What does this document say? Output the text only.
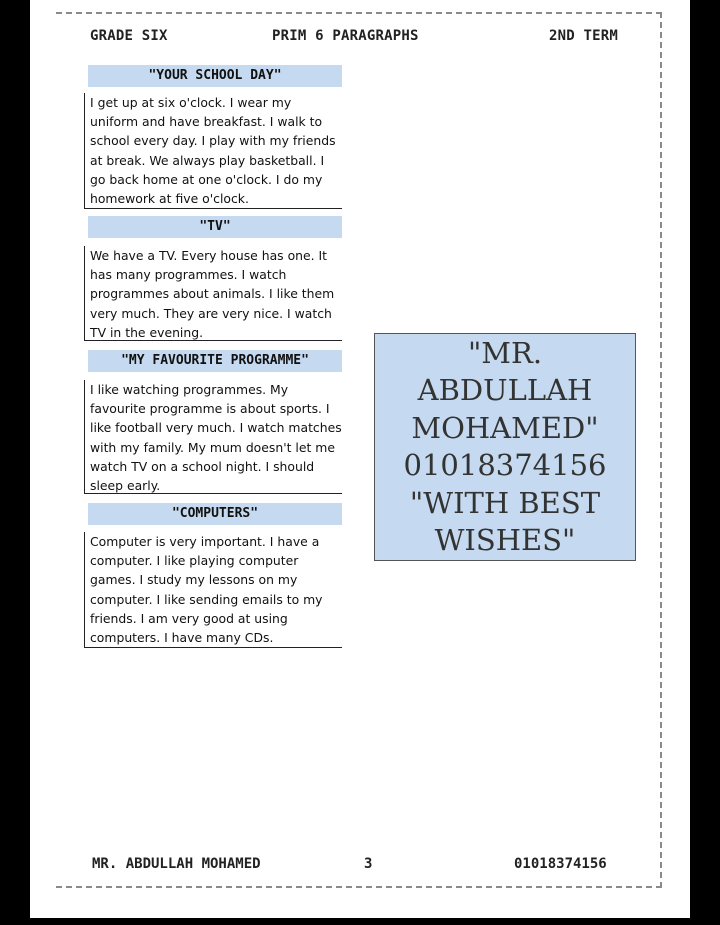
GRADE SIX	PRIM 6 PARAGRAPHS	2ND TERM
"YOUR SCHOOL DAY"
I get up at six o'clock. I wear my uniform and have breakfast. I walk to school every day. I play with my friends at break. We always play basketball. I go back home at one o'clock. I do my homework at five o'clock.
"TV"
We have a TV. Every house has one. It has many programmes. I watch programmes about animals. I like them very much. They are very nice. I watch TV in the evening.
"MY FAVOURITE PROGRAMME"
I like watching programmes. My favourite programme is about sports. I like football very much. I watch matches with my family. My mum doesn't let me watch TV on a school night. I should sleep early.
"COMPUTERS"
Computer is very important. I have a computer. I like playing computer games. I study my lessons on my computer. I like sending emails to my friends. I am very good at using computers. I have many CDs.
"MR. ABDULLAH MOHAMED" 01018374156 "WITH BEST WISHES"
MR. ABDULLAH MOHAMED	3	01018374156
